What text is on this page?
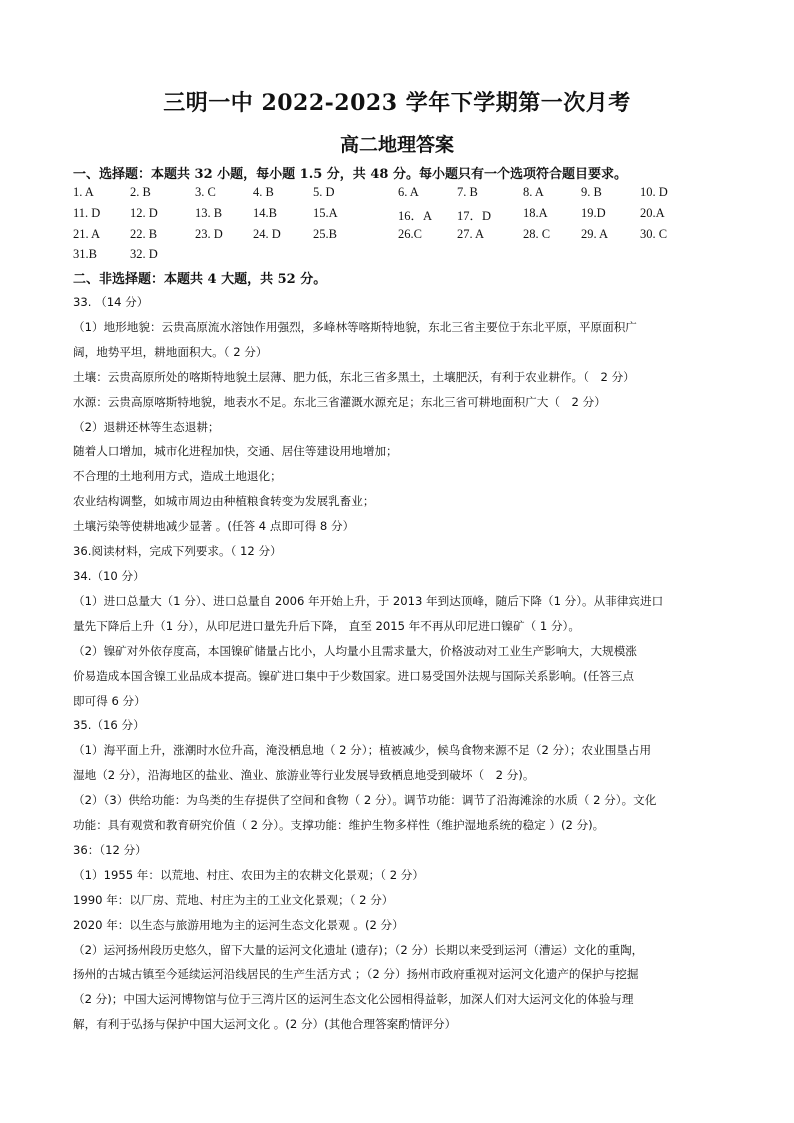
三明一中 2022-2023 学年下学期第一次月考
高二地理答案
一、选择题：本题共 32 小题，每小题 1.5 分，共 48 分。每小题只有一个选项符合题目要求。
1. A	2. B	3. C	4. B	5. D	6. A	7. B	8. A	9. B	10. D
11. D 12. D	13. B 14.B	15.A	16．A 17．D	18.A	19.D	20.A
21. A 22. B	23. D 24. D	25.B	26.C	27. A	28. C 29. A	30. C
31.B	32. D
二、非选择题：本题共 4 大题，共 52 分。

33. （14 分）

（1）地形地貌：云贵高原流水溶蚀作用强烈，多峰林等喀斯特地貌，东北三省主要位于东北平原，平原面积广

阔，地势平坦，耕地面积大。（ 2 分）

土壤：云贵高原所处的喀斯特地貌土层薄、肥力低，东北三省多黑土，土壤肥沃，有利于农业耕作。（　2 分）

水源：云贵高原喀斯特地貌，地表水不足。东北三省灌溉水源充足；东北三省可耕地面积广大（　2 分）

（2）退耕还林等生态退耕；

随着人口增加，城市化进程加快，交通、居住等建设用地增加；

不合理的土地利用方式，造成土地退化；

农业结构调整，如城市周边由种植粮食转变为发展乳畜业；

土壤污染等使耕地减少显著 。(任答 4 点即可得 8 分）

36.阅读材料，完成下列要求。（ 12 分）

34.（10 分）

（1）进口总量大（1 分）、进口总量自 2006 年开始上升，于 2013 年到达顶峰，随后下降（1 分）。从菲律宾进口

量先下降后上升（1 分），从印尼进口量先升后下降， 直至 2015 年不再从印尼进口镍矿（ 1 分）。

（2）镍矿对外依存度高，本国镍矿储量占比小，人均量小且需求量大，价格波动对工业生产影响大，大规模涨

价易造成本国含镍工业品成本提高。镍矿进口集中于少数国家。进口易受国外法规与国际关系影响。(任答三点

即可得 6 分）

35.（16 分）

（1）海平面上升，涨潮时水位升高，淹没栖息地（ 2 分）；植被减少，候鸟食物来源不足（2 分）；农业围垦占用

湿地（2 分），沿海地区的盐业、渔业、旅游业等行业发展导致栖息地受到破坏（　2 分)。

（2）（3）供给功能：为鸟类的生存提供了空间和食物（ 2 分）。调节功能：调节了沿海滩涂的水质（ 2 分）。文化

功能：具有观赏和教育研究价值（ 2 分）。支撑功能：维护生物多样性（维护湿地系统的稳定 ）(2 分)。

36：（12 分）

（1）1955 年：以荒地、村庄、农田为主的农耕文化景观；（ 2 分）

1990 年：以厂房、荒地、村庄为主的工业文化景观；（ 2 分）

2020 年：以生态与旅游用地为主的运河生态文化景观 。(2 分）

（2）运河扬州段历史悠久，留下大量的运河文化遗址 (遗存)；（2 分）长期以来受到运河（漕运）文化的重陶，

扬州的古城古镇至今延续运河沿线居民的生产生活方式 ；（2 分）扬州市政府重视对运河文化遗产的保护与挖掘

（2 分)；中国大运河博物馆与位于三湾片区的运河生态文化公园相得益彰，加深人们对大运河文化的体验与理

解，有利于弘扬与保护中国大运河文化 。(2 分）(其他合理答案酌情评分）
